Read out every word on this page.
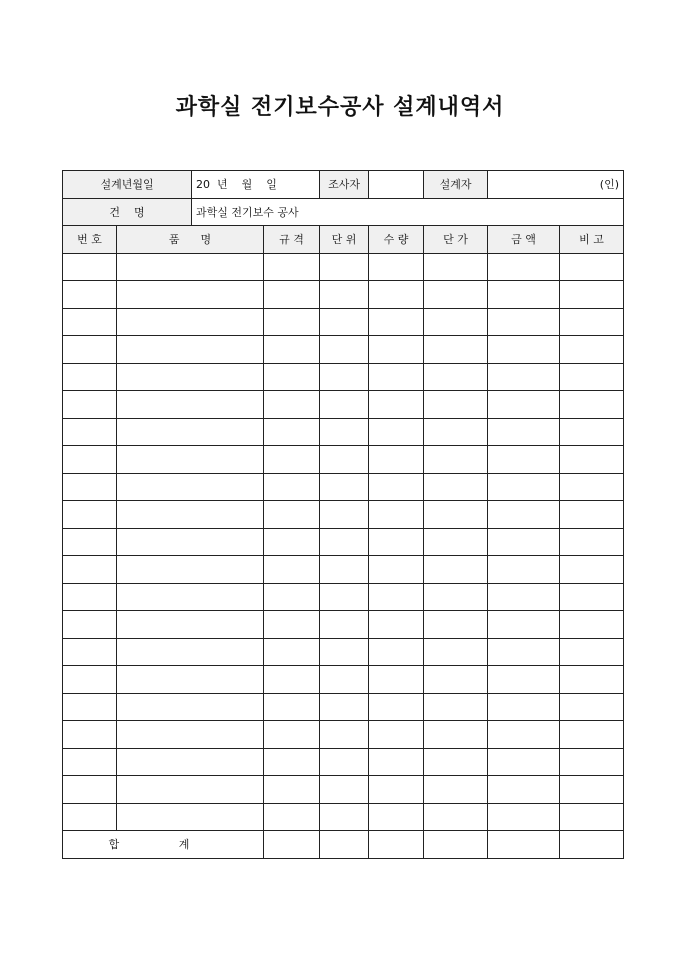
과학실 전기보수공사 설계내역서
설계년월일		20  년    월    일		조사자		설계자	(인)	
건    명		과학실 전기보수 공사						
번 호	품      명		규 격	단 위	수 량	단 가	금 액	비 고

합 계								
